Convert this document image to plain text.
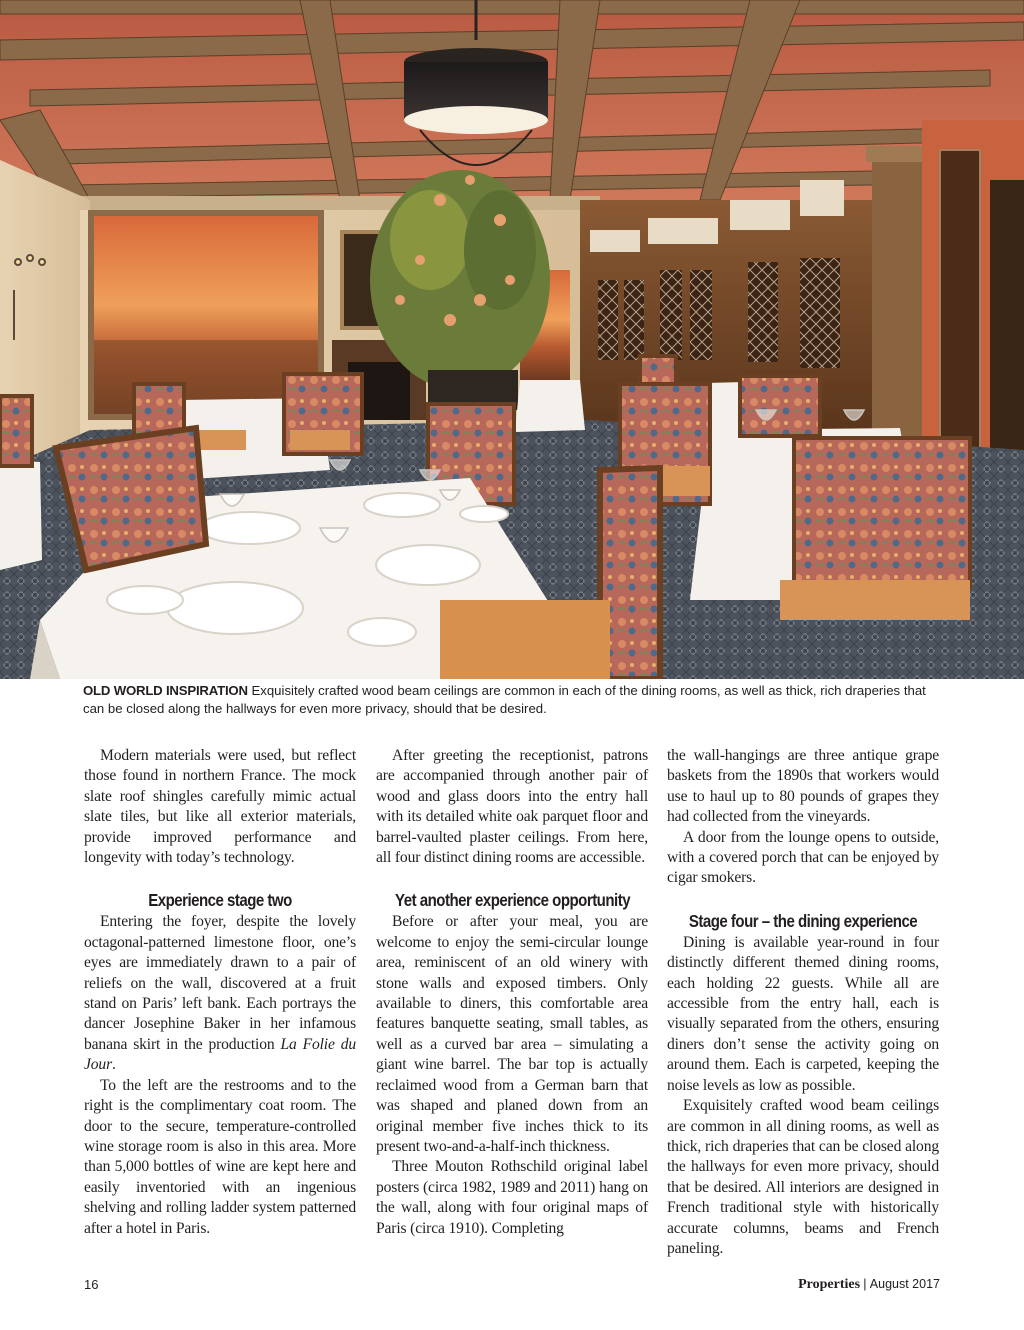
OLD WORLD INSPIRATION Exquisitely crafted wood beam ceilings are common in each of the dining rooms, as well as thick, rich draperies that can be closed along the hallways for even more privacy, should that be desired.

Modern materials were used, but reflect those found in northern France. The mock slate roof shingles carefully mimic actual slate tiles, but like all exterior materials, provide improved performance and longevity with today’s technology.

Experience stage two

Entering the foyer, despite the lovely octagonal-patterned limestone floor, one’s eyes are immediately drawn to a pair of reliefs on the wall, discovered at a fruit stand on Paris’ left bank. Each portrays the dancer Josephine Baker in her infamous banana skirt in the production La Folie du Jour.

To the left are the restrooms and to the right is the complimentary coat room. The door to the secure, temperature-controlled wine storage room is also in this area. More than 5,000 bottles of wine are kept here and easily inventoried with an ingenious shelving and rolling ladder system patterned after a hotel in Paris.

After greeting the receptionist, patrons are accompanied through another pair of wood and glass doors into the entry hall with its detailed white oak parquet floor and barrel-vaulted plaster ceilings. From here, all four distinct dining rooms are accessible.

Yet another experience opportunity

Before or after your meal, you are welcome to enjoy the semi-circular lounge area, reminiscent of an old winery with stone walls and exposed timbers. Only available to diners, this comfortable area features banquette seating, small tables, as well as a curved bar area – simulating a giant wine barrel. The bar top is actually reclaimed wood from a German barn that was shaped and planed down from an original member five inches thick to its present two-and-a-half-inch thickness.

Three Mouton Rothschild original label posters (circa 1982, 1989 and 2011) hang on the wall, along with four original maps of Paris (circa 1910). Completing

the wall-hangings are three antique grape baskets from the 1890s that workers would use to haul up to 80 pounds of grapes they had collected from the vineyards.

A door from the lounge opens to outside, with a covered porch that can be enjoyed by cigar smokers.

Stage four – the dining experience

Dining is available year-round in four distinctly different themed dining rooms, each holding 22 guests. While all are accessible from the entry hall, each is visually separated from the others, ensuring diners don’t sense the activity going on around them. Each is carpeted, keeping the noise levels as low as possible.

Exquisitely crafted wood beam ceilings are common in all dining rooms, as well as thick, rich draperies that can be closed along the hallways for even more privacy, should that be desired. All interiors are designed in French traditional style with historically accurate columns, beams and French paneling.

16	Properties | August 2017
